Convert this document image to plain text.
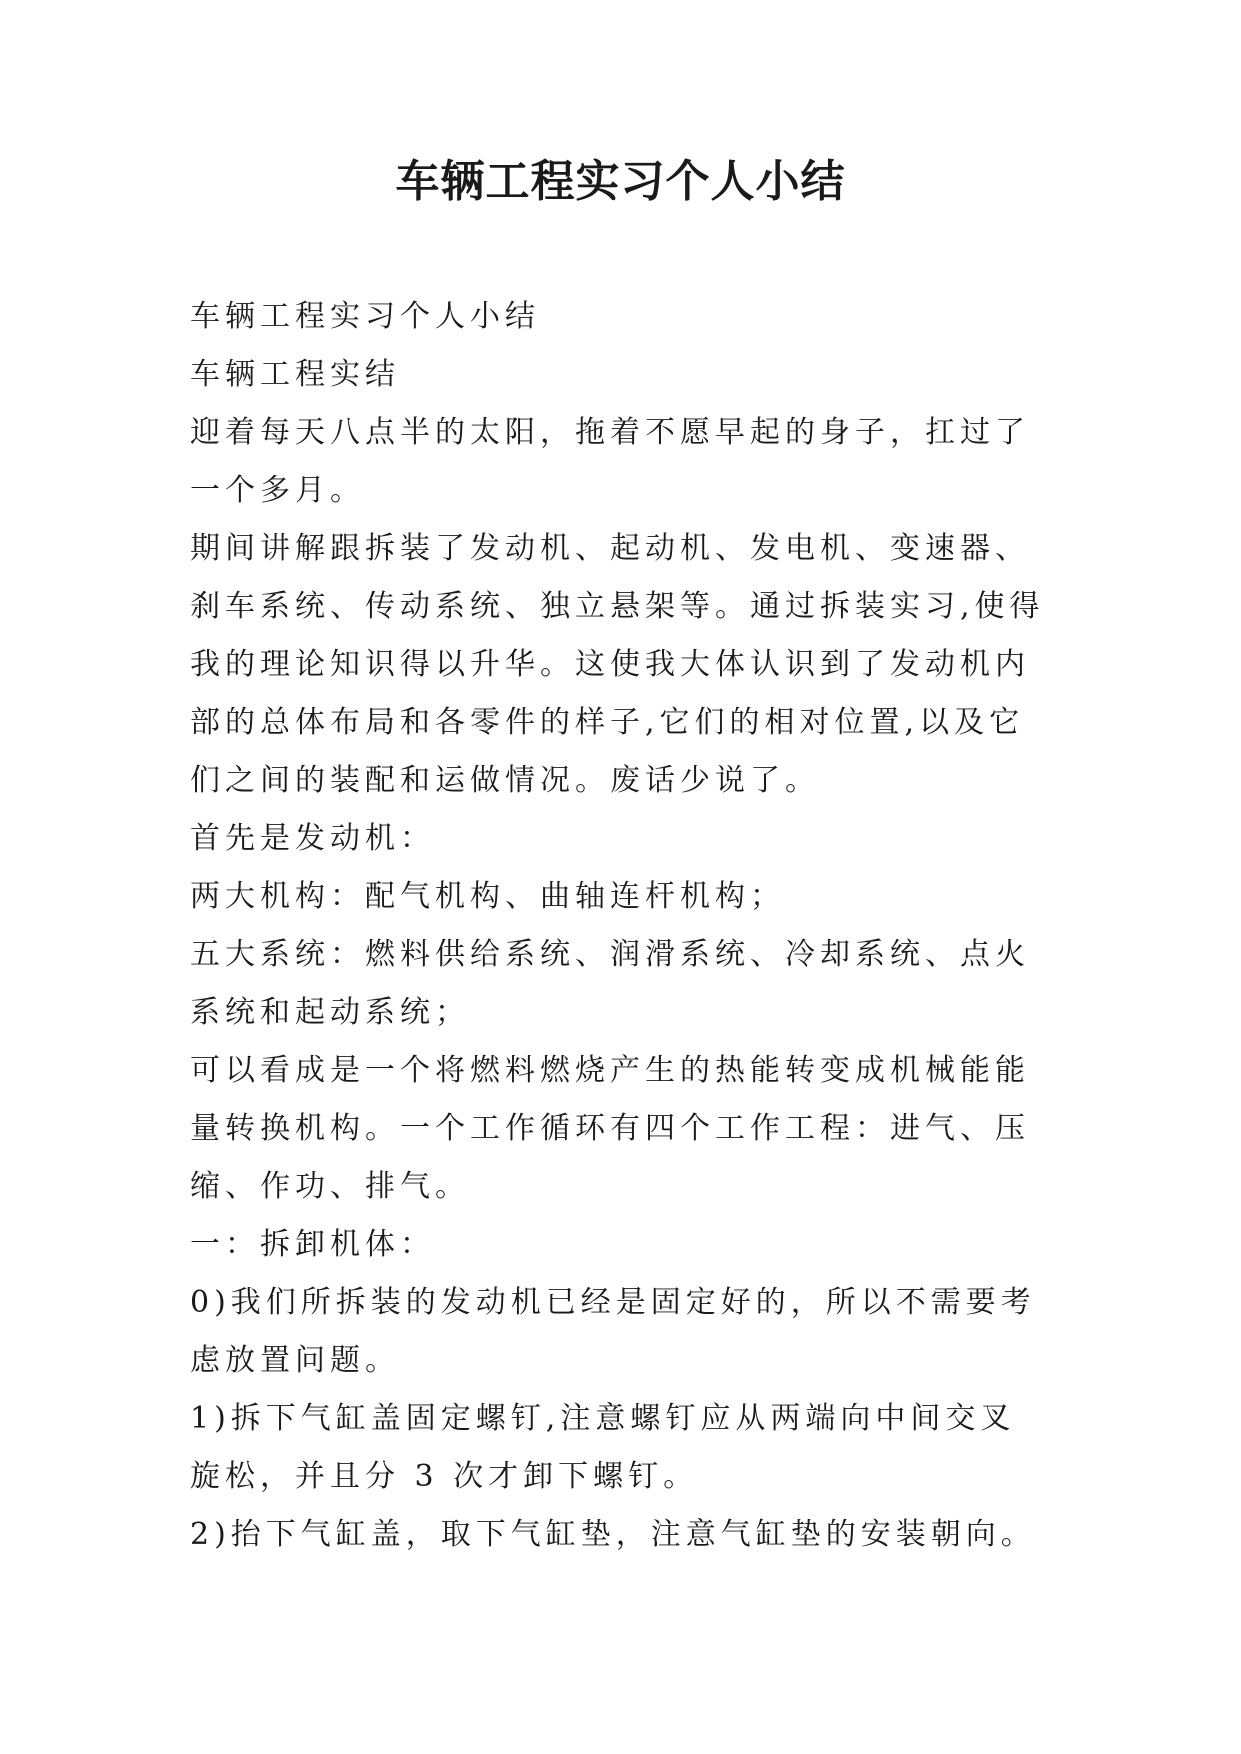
车辆工程实习个人小结

车辆工程实习个人小结

车辆工程实结

迎着每天八点半的太阳，拖着不愿早起的身子，扛过了一个多月。

期间讲解跟拆装了发动机、起动机、发电机、变速器、刹车系统、传动系统、独立悬架等。通过拆装实习,使得我的理论知识得以升华。这使我大体认识到了发动机内部的总体布局和各零件的样子,它们的相对位置,以及它们之间的装配和运做情况。废话少说了。

首先是发动机：

两大机构：配气机构、曲轴连杆机构；

五大系统：燃料供给系统、润滑系统、冷却系统、点火系统和起动系统；

可以看成是一个将燃料燃烧产生的热能转变成机械能能量转换机构。一个工作循环有四个工作工程：进气、压缩、作功、排气。

一：拆卸机体：

0)我们所拆装的发动机已经是固定好的，所以不需要考虑放置问题。

1)拆下气缸盖固定螺钉,注意螺钉应从两端向中间交叉旋松，并且分 3 次才卸下螺钉。

2)抬下气缸盖，取下气缸垫，注意气缸垫的安装朝向。
